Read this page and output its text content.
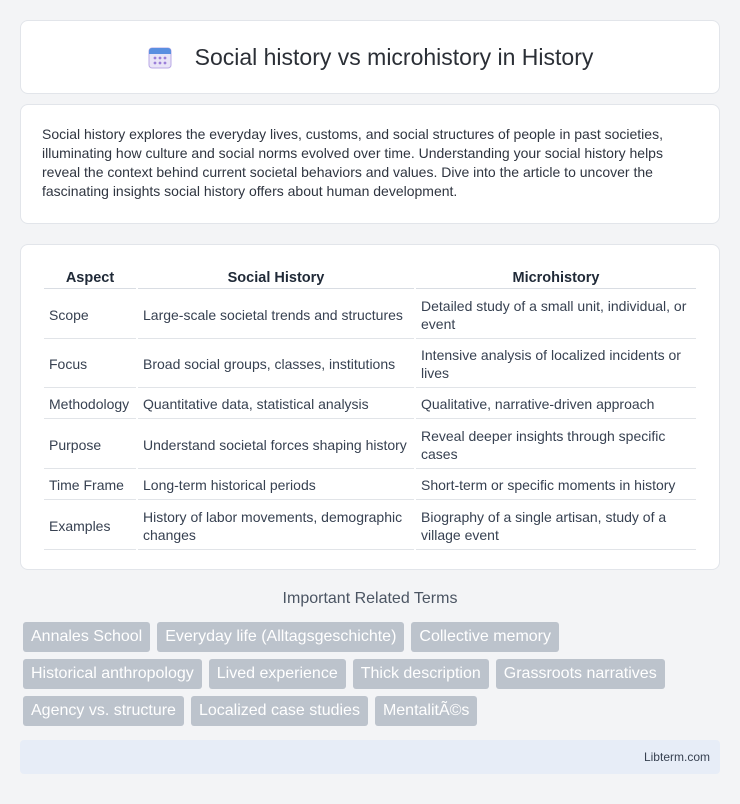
Social history vs microhistory in History

Social history explores the everyday lives, customs, and social structures of people in past societies, illuminating how culture and social norms evolved over time. Understanding your social history helps reveal the context behind current societal behaviors and values. Dive into the article to uncover the fascinating insights social history offers about human development.

Aspect	Social History	Microhistory
Scope	Large-scale societal trends and structures	Detailed study of a small unit, individual, or event
Focus	Broad social groups, classes, institutions	Intensive analysis of localized incidents or lives
Methodology	Quantitative data, statistical analysis	Qualitative, narrative-driven approach
Purpose	Understand societal forces shaping history	Reveal deeper insights through specific cases
Time Frame	Long-term historical periods	Short-term or specific moments in history
Examples	History of labor movements, demographic changes	Biography of a single artisan, study of a village event
Important Related Terms
Annales School	Everyday life (Alltagsgeschichte)	Collective memory
Historical anthropology	Lived experience	Thick description	Grassroots narratives
Agency vs. structure	Localized case studies	MentalitÃ©s
Libterm.com
